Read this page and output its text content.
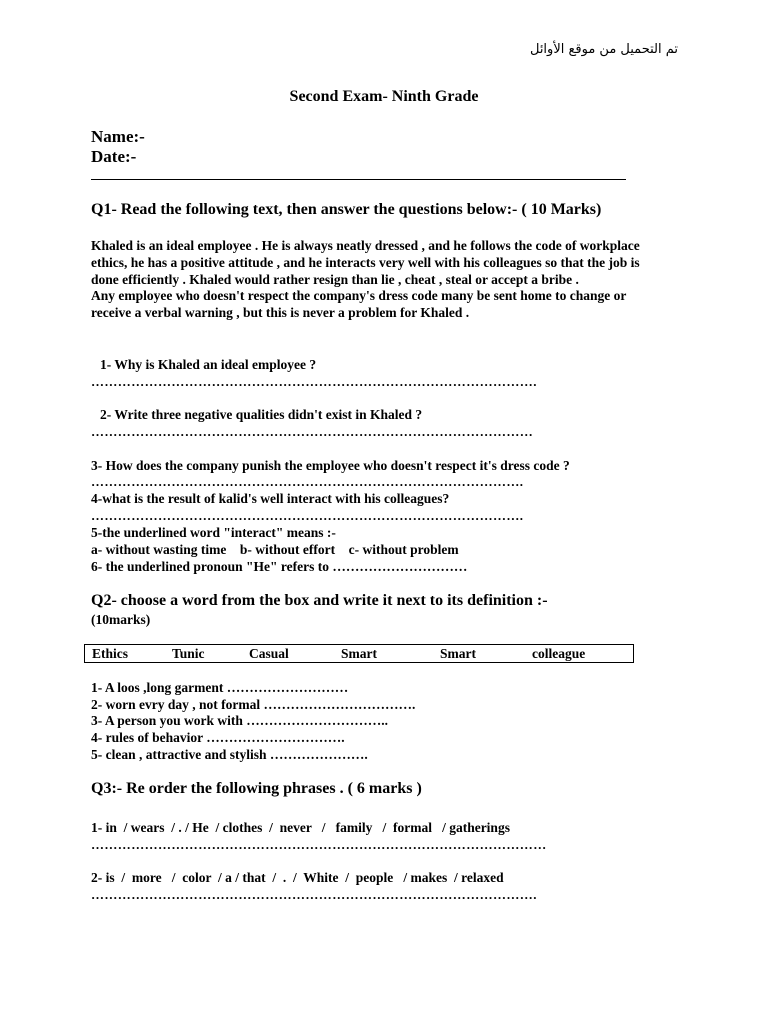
تم التحميل من موقع الأوائل
Second Exam- Ninth Grade
Name:-
Date:-
Q1- Read the following text, then answer the questions below:- ( 10 Marks)

Khaled is an ideal employee . He is always neatly dressed , and he follows the code of workplace ethics, he has a positive attitude , and he interacts very well with his colleagues so that the job is done efficiently . Khaled would rather resign than lie , cheat , steal or accept a bribe .

Any employee who doesn't respect the company's dress code many be sent home to change or receive a verbal warning , but this is never a problem for Khaled .

1- Why is Khaled an ideal employee ?
……………………………………………………………………………………….
2- Write three negative qualities didn't exist in Khaled ?
………………………………………………………………………………………
3- How does the company punish the employee who doesn't respect it's dress code ?
…………………………………………………………………………………….
4-what is the result of kalid's well interact with his colleagues?
…………………………………………………………………………………….
5-the underlined word "interact" means :-
a- without wasting time    b- without effort    c- without problem
6- the underlined pronoun "He" refers to …………………………
Q2- choose a word from the box and write it next to its definition :-
(10marks)
Ethics	Tunic	Casual	Smart	Smart	colleague
1- A loos ,long garment ………………………
2- worn evry day , not formal …………………………….
3- A person you work with …………………………..
4- rules of behavior ………………………….
5- clean , attractive and stylish ………………….
Q3:- Re order the following phrases . ( 6 marks )
1- in  / wears  / . / He  / clothes  /  never   /   family   /  formal   / gatherings
…………………………………………………………………………………………
2- is  /  more   /  color  / a / that  /  .  /  White  /  people   / makes  / relaxed
……………………………………………………………………………………….
